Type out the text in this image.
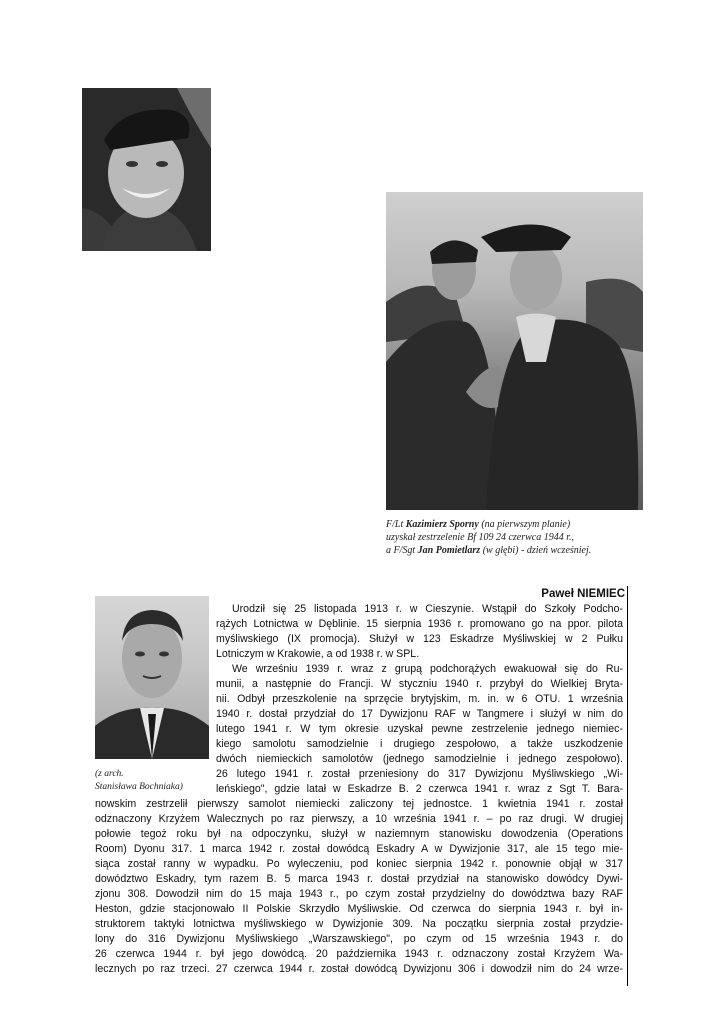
F/Lt Kazimierz Sporny (na pierwszym planie)
uzyskał zestrzelenie Bf 109 24 czerwca 1944 r.,
a F/Sgt Jan Pomietlarz (w głębi) - dzień wcześniej.
Paweł NIEMIEC
(z arch.
Stanisława Bochniaka)
Urodził się 25 listopada 1913 r. w Cieszynie. Wstąpił do Szkoły Podcho-
rążych Lotnictwa w Dęblinie. 15 sierpnia 1936 r. promowano go na ppor. pilota
myśliwskiego (IX promocja). Służył w 123 Eskadrze Myśliwskiej w 2 Pułku
Lotniczym w Krakowie, a od 1938 r. w SPL.
We wrześniu 1939 r. wraz z grupą podchorążych ewakuował się do Ru-
munii, a następnie do Francji. W styczniu 1940 r. przybył do Wielkiej Bryta-
nii. Odbył przeszkolenie na sprzęcie brytyjskim, m. in. w 6 OTU. 1 września
1940 r. dostał przydział do 17 Dywizjonu RAF w Tangmere i służył w nim do
lutego 1941 r. W tym okresie uzyskał pewne zestrzelenie jednego niemiec-
kiego samolotu samodzielnie i drugiego zespołowo, a także uszkodzenie
dwóch niemieckich samolotów (jednego samodzielnie i jednego zespołowo).
26 lutego 1941 r. został przeniesiony do 317 Dywizjonu Myśliwskiego „Wi-
leńskiego", gdzie latał w Eskadrze B. 2 czerwca 1941 r. wraz z Sgt T. Bara-
nowskim zestrzelił pierwszy samolot niemiecki zaliczony tej jednostce. 1 kwietnia 1941 r. został
odznaczony Krzyżem Walecznych po raz pierwszy, a 10 września 1941 r. – po raz drugi. W drugiej
połowie tegoż roku był na odpoczynku, służył w naziemnym stanowisku dowodzenia (Operations
Room) Dyonu 317. 1 marca 1942 r. został dowódcą Eskadry A w Dywizjonie 317, ale 15 tego mie-
siąca został ranny w wypadku. Po wyleczeniu, pod koniec sierpnia 1942 r. ponownie objął w 317
dowództwo Eskadry, tym razem B. 5 marca 1943 r. dostał przydział na stanowisko dowódcy Dywi-
zjonu 308. Dowodził nim do 15 maja 1943 r., po czym został przydzielny do dowództwa bazy RAF
Heston, gdzie stacjonowało II Polskie Skrzydło Myśliwskie. Od czerwca do sierpnia 1943 r. był in-
struktorem taktyki lotnictwa myśliwskiego w Dywizjonie 309. Na początku sierpnia został przydzie-
lony do 316 Dywizjonu Myśliwskiego „Warszawskiego", po czym od 15 września 1943 r. do
26 czerwca 1944 r. był jego dowódcą. 20 października 1943 r. odznaczony został Krzyżem Wa-
lecznych po raz trzeci. 27 czerwca 1944 r. został dowódcą Dywizjonu 306 i dowodził nim do 24 wrze-
